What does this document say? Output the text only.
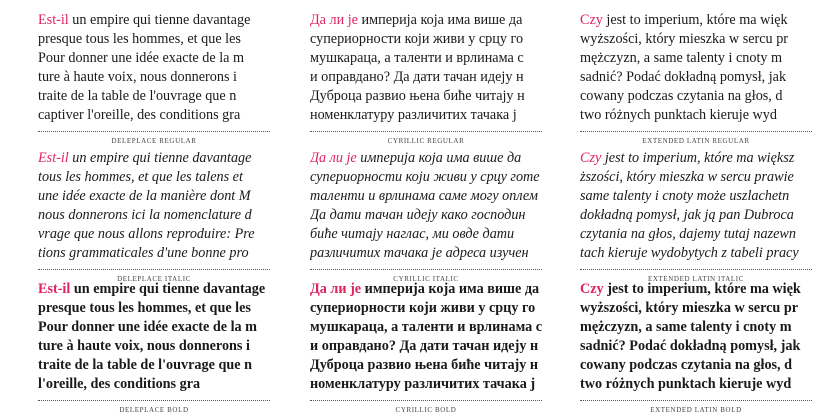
Est-il un empire qui tienne davantage
presque tous les hommes, et que les
Pour donner une idée exacte de la m
ture à haute voix, nous donnerons i
traite de la table de l'ouvrage que n
captiver l'oreille, des conditions gra

DELEPLACE REGULAR

Est-il un empire qui tienne davantage
tous les hommes, et que les talens et
une idée exacte de la manière dont M
nous donnerons ici la nomenclature d
vrage que nous allons reproduire: Pre
tions grammaticales d'une bonne pro

DELEPLACE ITALIC

Est-il un empire qui tienne davantage
presque tous les hommes, et que les
Pour donner une idée exacte de la m
ture à haute voix, nous donnerons i
traite de la table de l'ouvrage que n
l'oreille, des conditions gra

DELEPLACE BOLD

Да ли је империја која има више да
супериорности који живи у срцу го
мушкараца, а таленти и врлинама с
и оправдано? Да дати тачан идеју н
Дуброца развио њена бићe читају н
номенклатуру различитих тачака ј

CYRILLIC REGULAR

Да ли је империја која има више да
супериорности који живи у срцу готе
таленти и врлинама саме могу оплем
Да дати тачан идеју како господин
биће читају наглас, ми овде дати
различитих тачака је адреса изучен

CYRILLIC ITALIC

Да ли је империја која има више да
супериорности који живи у срцу го
мушкараца, а таленти и врлинама с
и оправдано? Да дати тачан идеју н
Дуброца развио њена бићe читају н
номенклатуру различитих тачака ј

CYRILLIC BOLD

Czy jest to imperium, które ma więk
wyższości, który mieszka w sercu pr
mężczyzn, a same talenty i cnoty m
sadnić? Podać dokładną pomysł, jak
cowany podczas czytania na głos, d
two różnych punktach kieruje wyd

EXTENDED LATIN REGULAR

Czy jest to imperium, które ma większ
ższości, który mieszka w sercu prawie
same talenty i cnoty może uszlachetn
dokładną pomysł, jak ją pan Dubroca
czytania na głos, dajemy tutaj nazewn
tach kieruje wydobytych z tabeli pracy

EXTENDED LATIN ITALIC

Czy jest to imperium, które ma więk
wyższości, który mieszka w sercu pr
mężczyzn, a same talenty i cnoty m
sadnić? Podać dokładną pomysł, jak
cowany podczas czytania na głos, d
two różnych punktach kieruje wyd

EXTENDED LATIN BOLD
